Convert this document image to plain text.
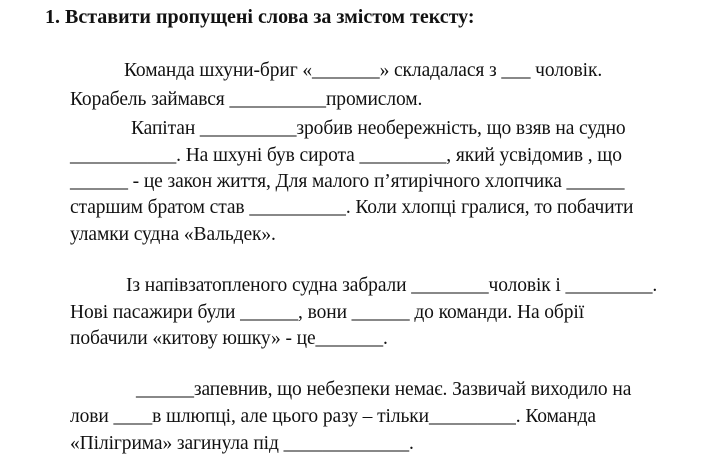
1. Вставити пропущені слова за змістом тексту:
Команда шхуни-бриг «_______» складалася з ___ чоловік.
Корабель займався __________промислом.
Капітан __________зробив необережність, що взяв на судно
___________. На шхуні був сирота _________, який усвідомив , що
______ - це закон життя, Для малого п’ятирічного хлопчика ______
старшим братом став __________. Коли хлопці гралися, то побачити
уламки судна «Вальдек».
Із напівзатопленого судна забрали ________чоловік і _________.
Нові пасажири були ______, вони ______ до команди. На обрії
побачили «китову юшку» - це_______.
______запевнив, що небезпеки немає. Зазвичай виходило на
лови ____в шлюпці, але цього разу – тільки_________. Команда
«Пілігрима» загинула під _____________.
